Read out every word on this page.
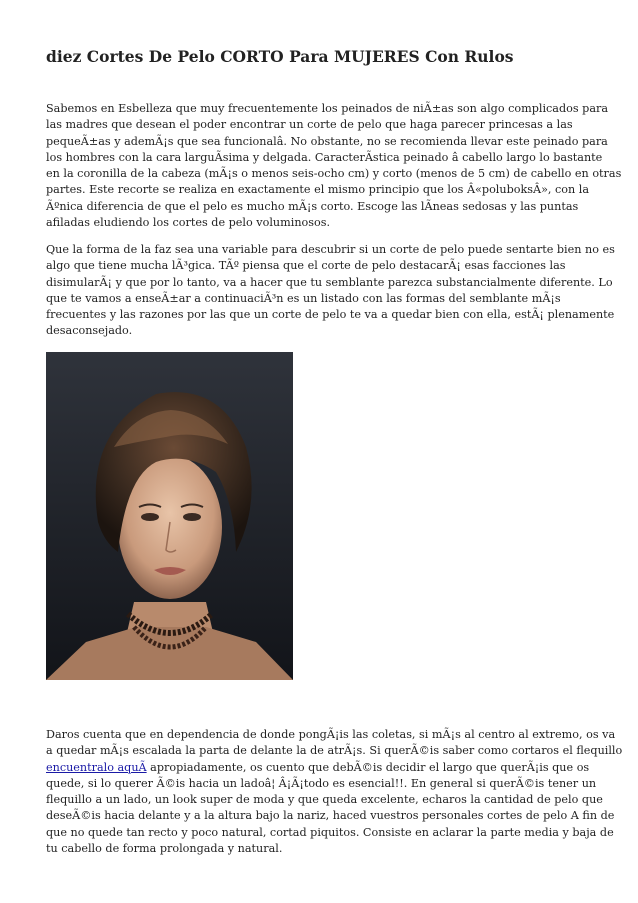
diez Cortes De Pelo CORTO Para MUJERES Con Rulos
Sabemos en Esbelleza que muy frecuentemente los peinados de niÃ±as son algo complicados para
las madres que desean el poder encontrar un corte de pelo que haga parecer princesas a las
pequeÃ±as y ademÃ¡s que sea funcionalâ. No obstante, no se recomienda llevar este peinado para
los hombres con la cara larguÃsima y delgada. CaracterÃstica peinado â cabello largo lo bastante
en la coronilla de la cabeza (mÃ¡s o menos seis-ocho cm) y corto (menos de 5 cm) de cabello en otras
partes. Este recorte se realiza en exactamente el mismo principio que los Â«poluboksÂ», con la
Ãºnica diferencia de que el pelo es mucho mÃ¡s corto. Escoge las lÃneas sedosas y las puntas
afiladas eludiendo los cortes de pelo voluminosos.
Que la forma de la faz sea una variable para descubrir si un corte de pelo puede sentarte bien no es
algo que tiene mucha lÃ³gica. TÃº piensa que el corte de pelo destacarÃ¡ esas facciones las
disimularÃ¡ y que por lo tanto, va a hacer que tu semblante parezca substancialmente diferente. Lo
que te vamos a enseÃ±ar a continuaciÃ³n es un listado con las formas del semblante mÃ¡s
frecuentes y las razones por las que un corte de pelo te va a quedar bien con ella, estÃ¡ plenamente
desaconsejado.
Daros cuenta que en dependencia de donde pongÃ¡is las coletas, si mÃ¡s al centro al extremo, os va
a quedar mÃ¡s escalada la parta de delante la de atrÃ¡s. Si querÃ©is saber como cortaros el flequillo
encuentralo aquÃ apropiadamente, os cuento que debÃ©is decidir el largo que querÃ¡is que os
quede, si lo querer Ã©is hacia un ladoâ¦ Â¡Ã¡todo es esencial!!. En general si querÃ©is tener un
flequillo a un lado, un look super de moda y que queda excelente, echaros la cantidad de pelo que
deseÃ©is hacia delante y a la altura bajo la nariz, haced vuestros personales cortes de pelo A fin de
que no quede tan recto y poco natural, cortad piquitos. Consiste en aclarar la parte media y baja de
tu cabello de forma prolongada y natural.
